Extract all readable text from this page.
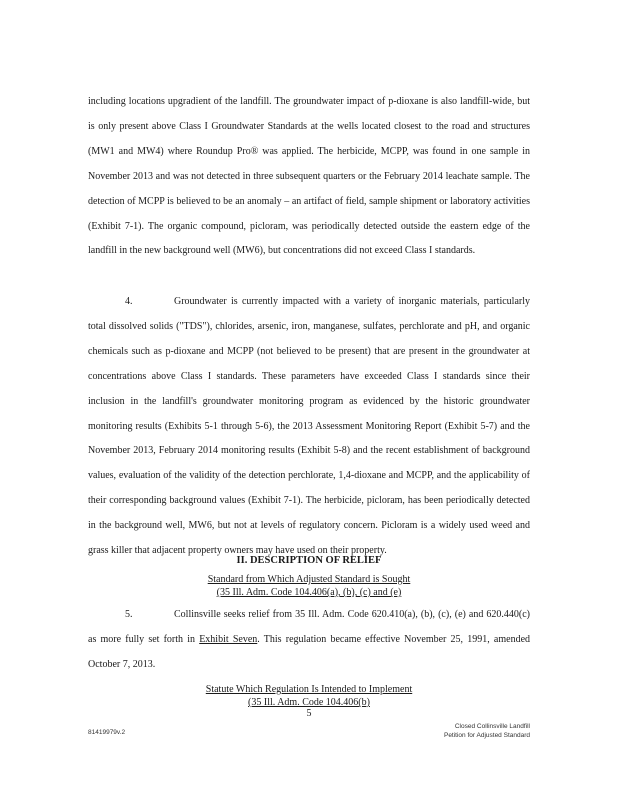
including locations upgradient of the landfill. The groundwater impact of p-dioxane is also landfill-wide, but is only present above Class I Groundwater Standards at the wells located closest to the road and structures (MW1 and MW4) where Roundup Pro® was applied. The herbicide, MCPP, was found in one sample in November 2013 and was not detected in three subsequent quarters or the February 2014 leachate sample. The detection of MCPP is believed to be an anomaly – an artifact of field, sample shipment or laboratory activities (Exhibit 7-1). The organic compound, picloram, was periodically detected outside the eastern edge of the landfill in the new background well (MW6), but concentrations did not exceed Class I standards.

4.	Groundwater is currently impacted with a variety of inorganic materials, particularly total dissolved solids ("TDS"), chlorides, arsenic, iron, manganese, sulfates, perchlorate and pH, and organic chemicals such as p-dioxane and MCPP (not believed to be present) that are present in the groundwater at concentrations above Class I standards. These parameters have exceeded Class I standards since their inclusion in the landfill's groundwater monitoring program as evidenced by the historic groundwater monitoring results (Exhibits 5-1 through 5-6), the 2013 Assessment Monitoring Report (Exhibit 5-7) and the November 2013, February 2014 monitoring results (Exhibit 5-8) and the recent establishment of background values, evaluation of the validity of the detection perchlorate, 1,4-dioxane and MCPP, and the applicability of their corresponding background values (Exhibit 7-1). The herbicide, picloram, has been periodically detected in the background well, MW6, but not at levels of regulatory concern. Picloram is a widely used weed and grass killer that adjacent property owners may have used on their property.

II. DESCRIPTION OF RELIEF
Standard from Which Adjusted Standard is Sought
(35 Ill. Adm. Code 104.406(a), (b), (c) and (e)

5.	Collinsville seeks relief from 35 Ill. Adm. Code 620.410(a), (b), (c), (e) and 620.440(c) as more fully set forth in Exhibit Seven. This regulation became effective November 25, 1991, amended October 7, 2013.

Statute Which Regulation Is Intended to Implement
(35 Ill. Adm. Code 104.406(b)
5
81419979v.2
Closed Collinsville Landfill
Petition for Adjusted Standard
